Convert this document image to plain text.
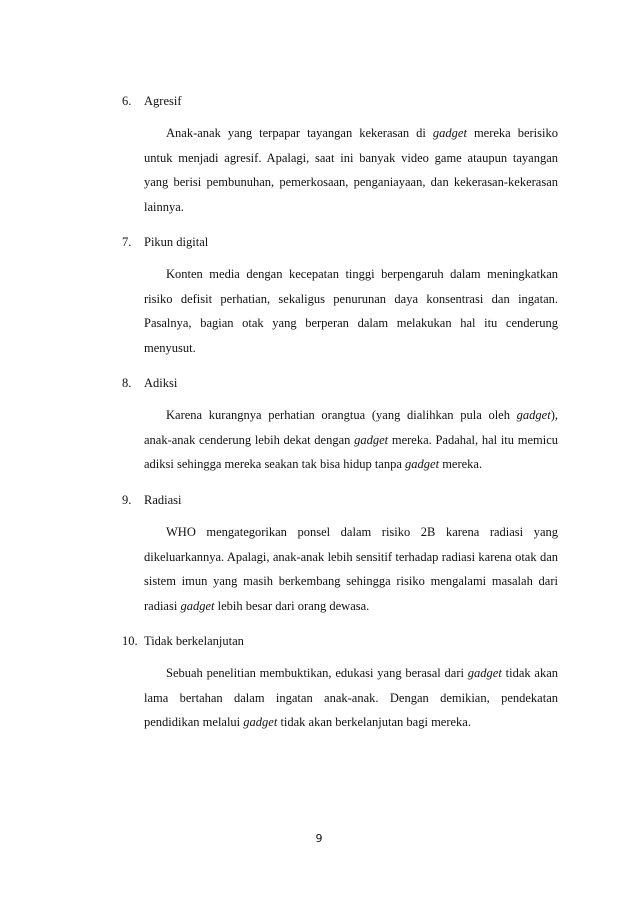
6. Agresif

Anak-anak yang terpapar tayangan kekerasan di gadget mereka berisiko untuk menjadi agresif. Apalagi, saat ini banyak video game ataupun tayangan yang berisi pembunuhan, pemerkosaan, penganiayaan, dan kekerasan-kekerasan lainnya.

7. Pikun digital

Konten media dengan kecepatan tinggi berpengaruh dalam meningkatkan risiko defisit perhatian, sekaligus penurunan daya konsentrasi dan ingatan. Pasalnya, bagian otak yang berperan dalam melakukan hal itu cenderung menyusut.

8. Adiksi

Karena kurangnya perhatian orangtua (yang dialihkan pula oleh gadget), anak-anak cenderung lebih dekat dengan gadget mereka. Padahal, hal itu memicu adiksi sehingga mereka seakan tak bisa hidup tanpa gadget mereka.

9. Radiasi

WHO mengategorikan ponsel dalam risiko 2B karena radiasi yang dikeluarkannya. Apalagi, anak-anak lebih sensitif terhadap radiasi karena otak dan sistem imun yang masih berkembang sehingga risiko mengalami masalah dari radiasi gadget lebih besar dari orang dewasa.

10. Tidak berkelanjutan

Sebuah penelitian membuktikan, edukasi yang berasal dari gadget tidak akan lama bertahan dalam ingatan anak-anak. Dengan demikian, pendekatan pendidikan melalui gadget tidak akan berkelanjutan bagi mereka.

9
